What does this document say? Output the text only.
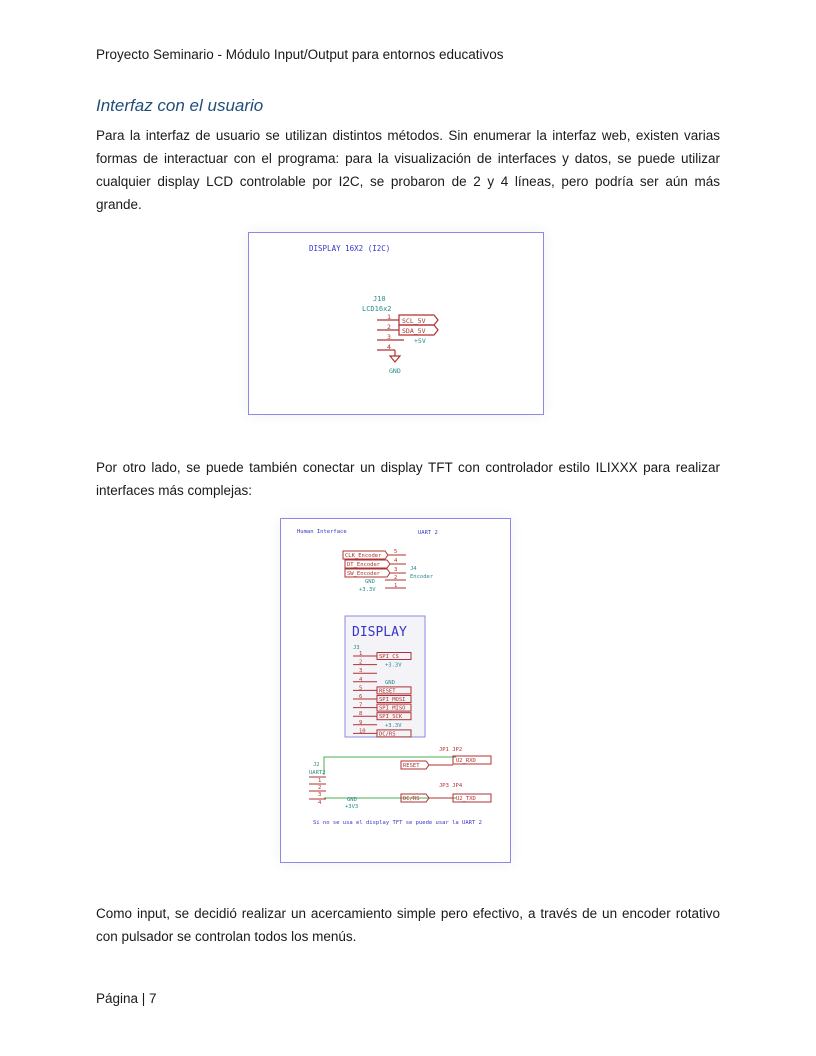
Proyecto Seminario - Módulo Input/Output para entornos educativos
Interfaz con el usuario

Para la interfaz de usuario se utilizan distintos métodos. Sin enumerar la interfaz web, existen varias formas de interactuar con el programa: para la visualización de interfaces y datos, se puede utilizar cualquier display LCD controlable por I2C, se probaron de 2 y 4 líneas, pero podría ser aún más grande.

DISPLAY 16X2 (I2C)
J10
LCD16x2
1
2
3
4
SCL_5V
SDA_5V
+5V
GND

Por otro lado, se puede también conectar un display TFT con controlador estilo ILIXXX para realizar interfaces más complejas:

Human Interface	UART 2
CLK_Encoder
DT_Encoder
SW_Encoder
GND
+3.3V
5
4
3
2
1
J4
Encoder
DISPLAY
J3
1	SPI_CS
2	+3.3V
3
4	GND
5	RESET
6	SPI_MOSI
7	SPI_MISO
8	SPI_SCK
9	+3.3V
10 DC/RS
JP1 JP2
JP3 JP4
RESET
DC/RS
U2_RXD
U2_TXD
J2
UART2
1
2
3
4	GND
+3V3
Si no se usa el display TFT se puede usar la UART 2

Como input, se decidió realizar un acercamiento simple pero efectivo, a través de un encoder rotativo con pulsador se controlan todos los menús.

Página | 7
